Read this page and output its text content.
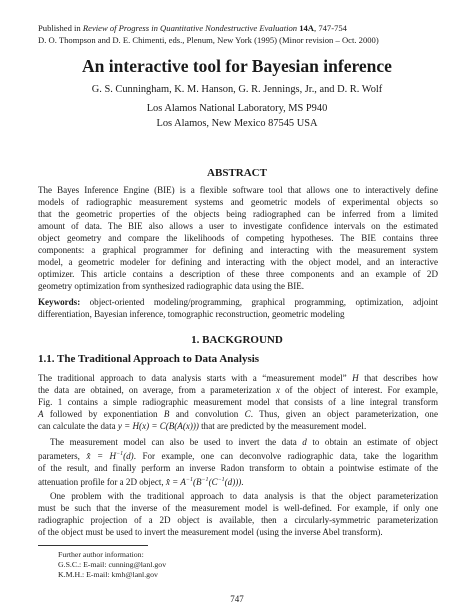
Published in Review of Progress in Quantitative Nondestructive Evaluation 14A, 747-754
D. O. Thompson and D. E. Chimenti, eds., Plenum, New York (1995) (Minor revision – Oct. 2000)
An interactive tool for Bayesian inference
G. S. Cunningham, K. M. Hanson, G. R. Jennings, Jr., and D. R. Wolf
Los Alamos National Laboratory, MS P940
Los Alamos, New Mexico 87545 USA
ABSTRACT
The Bayes Inference Engine (BIE) is a flexible software tool that allows one to interactively define
models of radiographic measurement systems and geometric models of experimental objects so
that the geometric properties of the objects being radiographed can be inferred from a limited
amount of data. The BIE also allows a user to investigate confidence intervals on the estimated
object geometry and compare the likelihoods of competing hypotheses. The BIE contains three
components: a graphical programmer for defining and interacting with the measurement system
model, a geometric modeler for defining and interacting with the object model, and an interactive
optimizer. This article contains a description of these three components and an example of 2D
geometry optimization from synthesized radiographic data using the BIE.
Keywords: object-oriented modeling/programming, graphical programming, optimization, adjoint
differentiation, Bayesian inference, tomographic reconstruction, geometric modeling
1. BACKGROUND
1.1. The Traditional Approach to Data Analysis
The traditional approach to data analysis starts with a “measurement model” H that describes how
the data are obtained, on average, from a parameterization x of the object of interest. For example,
Fig. 1 contains a simple radiographic measurement model that consists of a line integral transform
A followed by exponentiation B and convolution C. Thus, given an object parameterization, one
can calculate the data y = H(x) = C(B(A(x))) that are predicted by the measurement model.
The measurement model can also be used to invert the data d to obtain an estimate of object
parameters, x̂ = $H^{-1}(d)$. For example, one can deconvolve radiographic data, take the logarithm
of the result, and finally perform an inverse Radon transform to obtain a pointwise estimate of the
attenuation profile for a 2D object, x̂ = $A^{-1}(B^{-1}(C^{-1}(d)))$.
One problem with the traditional approach to data analysis is that the object parameterization
must be such that the inverse of the measurement model is well-defined. For example, if only one
radiographic projection of a 2D object is available, then a circularly-symmetric parameterization
of the object must be used to invert the measurement model (using the inverse Abel transform).
Further author information:
G.S.C.: E-mail: cunning@lanl.gov
K.M.H.: E-mail: kmh@lanl.gov
747
